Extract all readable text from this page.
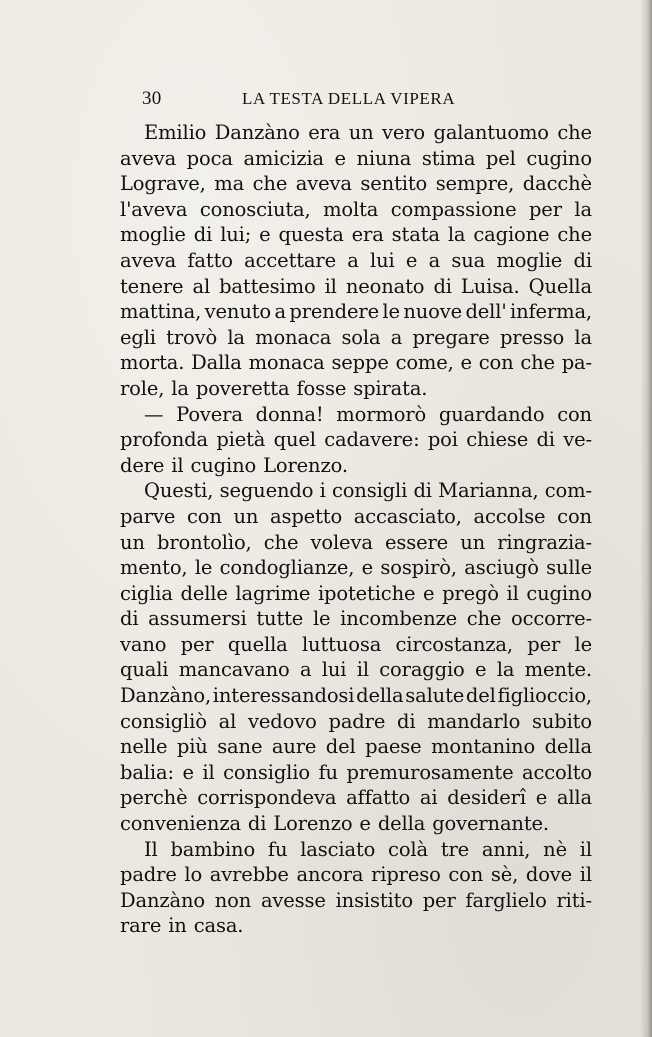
30	LA TESTA DELLA VIPERA
Emilio Danzàno era un vero galantuomo che
aveva poca amicizia e niuna stima pel cugino
Lograve, ma che aveva sentito sempre, dacchè
l'aveva conosciuta, molta compassione per la
moglie di lui; e questa era stata la cagione che
aveva fatto accettare a lui e a sua moglie di
tenere al battesimo il neonato di Luisa. Quella
mattina, venuto a prendere le nuove dell' inferma,
egli trovò la monaca sola a pregare presso la
morta. Dalla monaca seppe come, e con che pa-
role, la poveretta fosse spirata.
— Povera donna! mormorò guardando con
profonda pietà quel cadavere: poi chiese di ve-
dere il cugino Lorenzo.
Questi, seguendo i consigli di Marianna, com-
parve con un aspetto accasciato, accolse con
un brontolìo, che voleva essere un ringrazia-
mento, le condoglianze, e sospirò, asciugò sulle
ciglia delle lagrime ipotetiche e pregò il cugino
di assumersi tutte le incombenze che occorre-
vano per quella luttuosa circostanza, per le
quali mancavano a lui il coraggio e la mente.
Danzàno, interessandosi della salute del figlioccio,
consigliò al vedovo padre di mandarlo subito
nelle più sane aure del paese montanino della
balia: e il consiglio fu premurosamente accolto
perchè corrispondeva affatto ai desiderî e alla
convenienza di Lorenzo e della governante.
Il bambino fu lasciato colà tre anni, nè il
padre lo avrebbe ancora ripreso con sè, dove il
Danzàno non avesse insistito per farglielo riti-
rare in casa.
